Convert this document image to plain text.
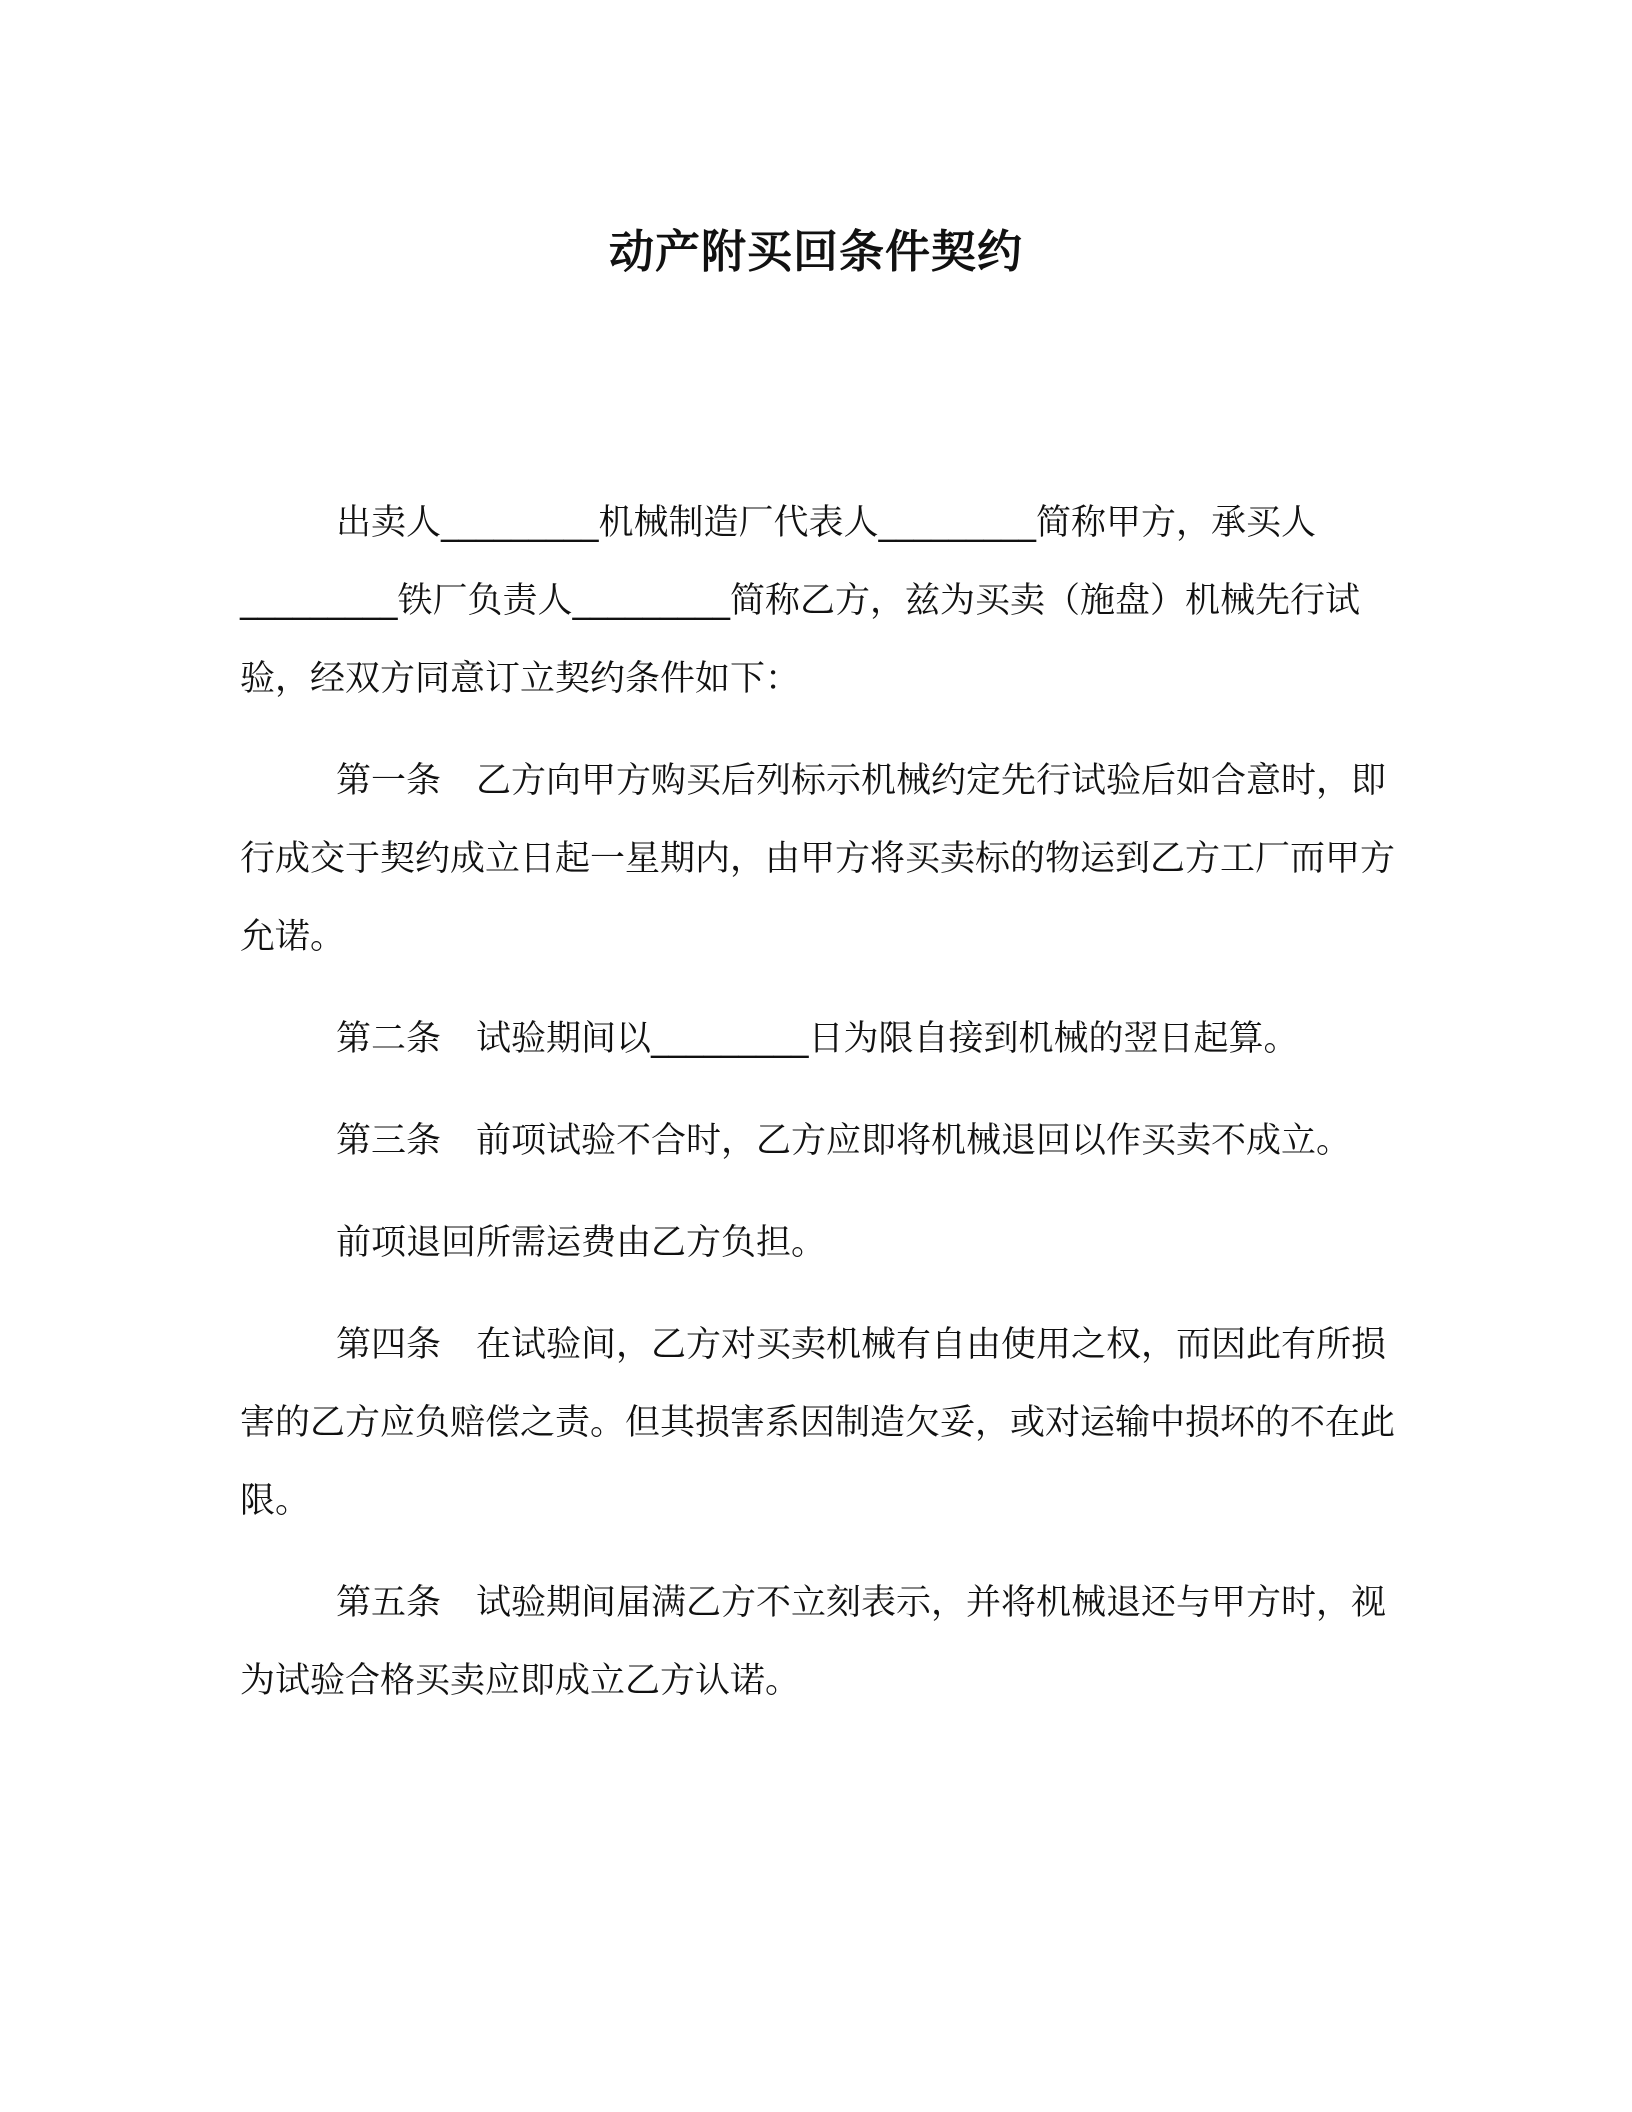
动产附买回条件契约

出卖人_________机械制造厂代表人_________简称甲方，承买人_________铁厂负责人_________简称乙方，兹为买卖（施盘）机械先行试验，经双方同意订立契约条件如下：

第一条 乙方向甲方购买后列标示机械约定先行试验后如合意时，即行成交于契约成立日起一星期内，由甲方将买卖标的物运到乙方工厂而甲方允诺。

第二条 试验期间以_________日为限自接到机械的翌日起算。

第三条 前项试验不合时，乙方应即将机械退回以作买卖不成立。

前项退回所需运费由乙方负担。

第四条 在试验间，乙方对买卖机械有自由使用之权，而因此有所损害的乙方应负赔偿之责。但其损害系因制造欠妥，或对运输中损坏的不在此限。

第五条 试验期间届满乙方不立刻表示，并将机械退还与甲方时，视为试验合格买卖应即成立乙方认诺。
